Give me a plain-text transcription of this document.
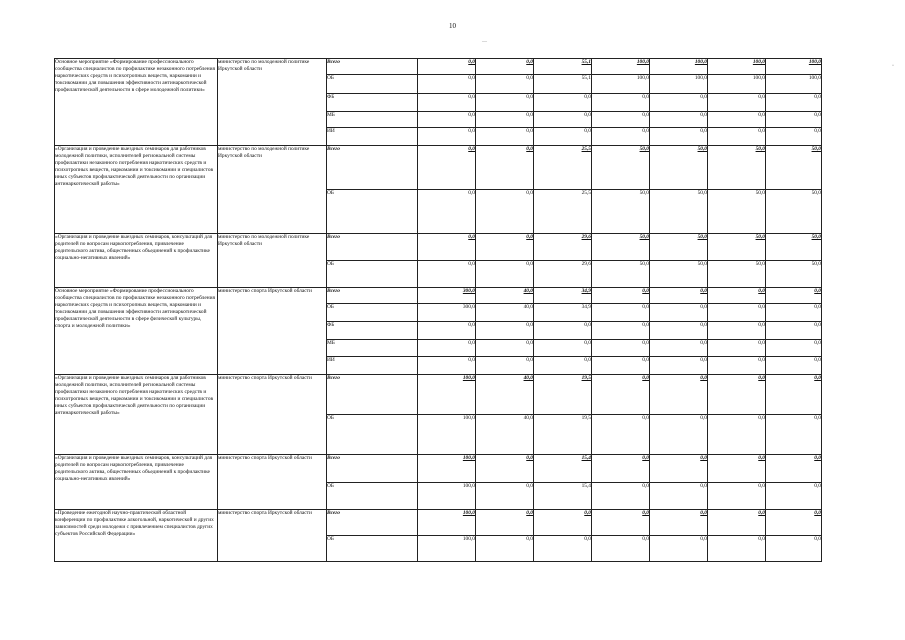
10
—
·
Основное мероприятие «Формирование профессионального сообщества специалистов по профилактике незаконного потребления наркотических средств и психотропных веществ, наркомании и токсикомании для повышения эффективности антинаркотической профилактической деятельности в сфере молодежной политики»	министерство по молодежной политике Иркутской области	Всего	0,0	0,0	55,1	100,0	100,0	100,0	100,0
		ОБ	0,0	0,0	55,1	100,0	100,0	100,0	100,0
		ФБ	0,0	0,0	0,0	0,0	0,0	0,0	0,0
		МБ	0,0	0,0	0,0	0,0	0,0	0,0	0,0
		ИИ	0,0	0,0	0,0	0,0	0,0	0,0	0,0
«Организация и проведение выездных семинаров для работников молодежной политики, исполнителей региональной системы профилактики незаконного потребления наркотических средств и психотропных веществ, наркомании и токсикомании и специалистов иных субъектов профилактической деятельности по организации антинаркотической работы»	министерство по молодежной политике Иркутской области	Всего	0,0	0,0	25,5	50,0	50,0	50,0	50,0
		ОБ	0,0	0,0	25,5	50,0	50,0	50,0	50,0
«Организация и проведение выездных семинаров, консультаций для родителей по вопросам наркопотребления, привлечение родительского актива, общественных объединений к профилактике социально-негативных явлений»	министерство по молодежной политике Иркутской области	Всего	0,0	0,0	29,6	50,0	50,0	50,0	50,0
		ОБ	0,0	0,0	29,6	50,0	50,0	50,0	50,0
Основное мероприятие «Формирование профессионального сообщества специалистов по профилактике незаконного потребления наркотических средств и психотропных веществ, наркомании и токсикомании для повышения эффективности антинаркотической профилактической деятельности в сфере физической культуры, спорта и молодежной политики»	министерство спорта Иркутской области	Всего	300,0	40,0	34,9	0,0	0,0	0,0	0,0
		ОБ	300,0	40,0	34,9	0,0	0,0	0,0	0,0
		ФБ	0,0	0,0	0,0	0,0	0,0	0,0	0,0
		МБ	0,0	0,0	0,0	0,0	0,0	0,0	0,0
		ИИ	0,0	0,0	0,0	0,0	0,0	0,0	0,0
«Организация и проведение выездных семинаров для работников молодежной политики, исполнителей региональной системы профилактики незаконного потребления наркотических средств и психотропных веществ, наркомании и токсикомании и специалистов иных субъектов профилактической деятельности по организации антинаркотической работы»	министерство спорта Иркутской области	Всего	100,0	40,0	19,5	0,0	0,0	0,0	0,0
		ОБ	100,0	40,0	19,5	0,0	0,0	0,0	0,0
«Организация и проведение выездных семинаров, консультаций для родителей по вопросам наркопотребления, привлечение родительского актива, общественных объединений к профилактике социально-негативных явлений»	министерство спорта Иркутской области	Всего	100,0	0,0	15,4	0,0	0,0	0,0	0,0
		ОБ	100,0	0,0	15,4	0,0	0,0	0,0	0,0
«Проведение ежегодной научно-практической областной конференции по профилактике алкогольной, наркотической и других зависимостей среди молодежи с привлечением специалистов других субъектов Российской Федерации»	министерство спорта Иркутской области	Всего	100,0	0,0	0,0	0,0	0,0	0,0	0,0
		ОБ	100,0	0,0	0,0	0,0	0,0	0,0	0,0
